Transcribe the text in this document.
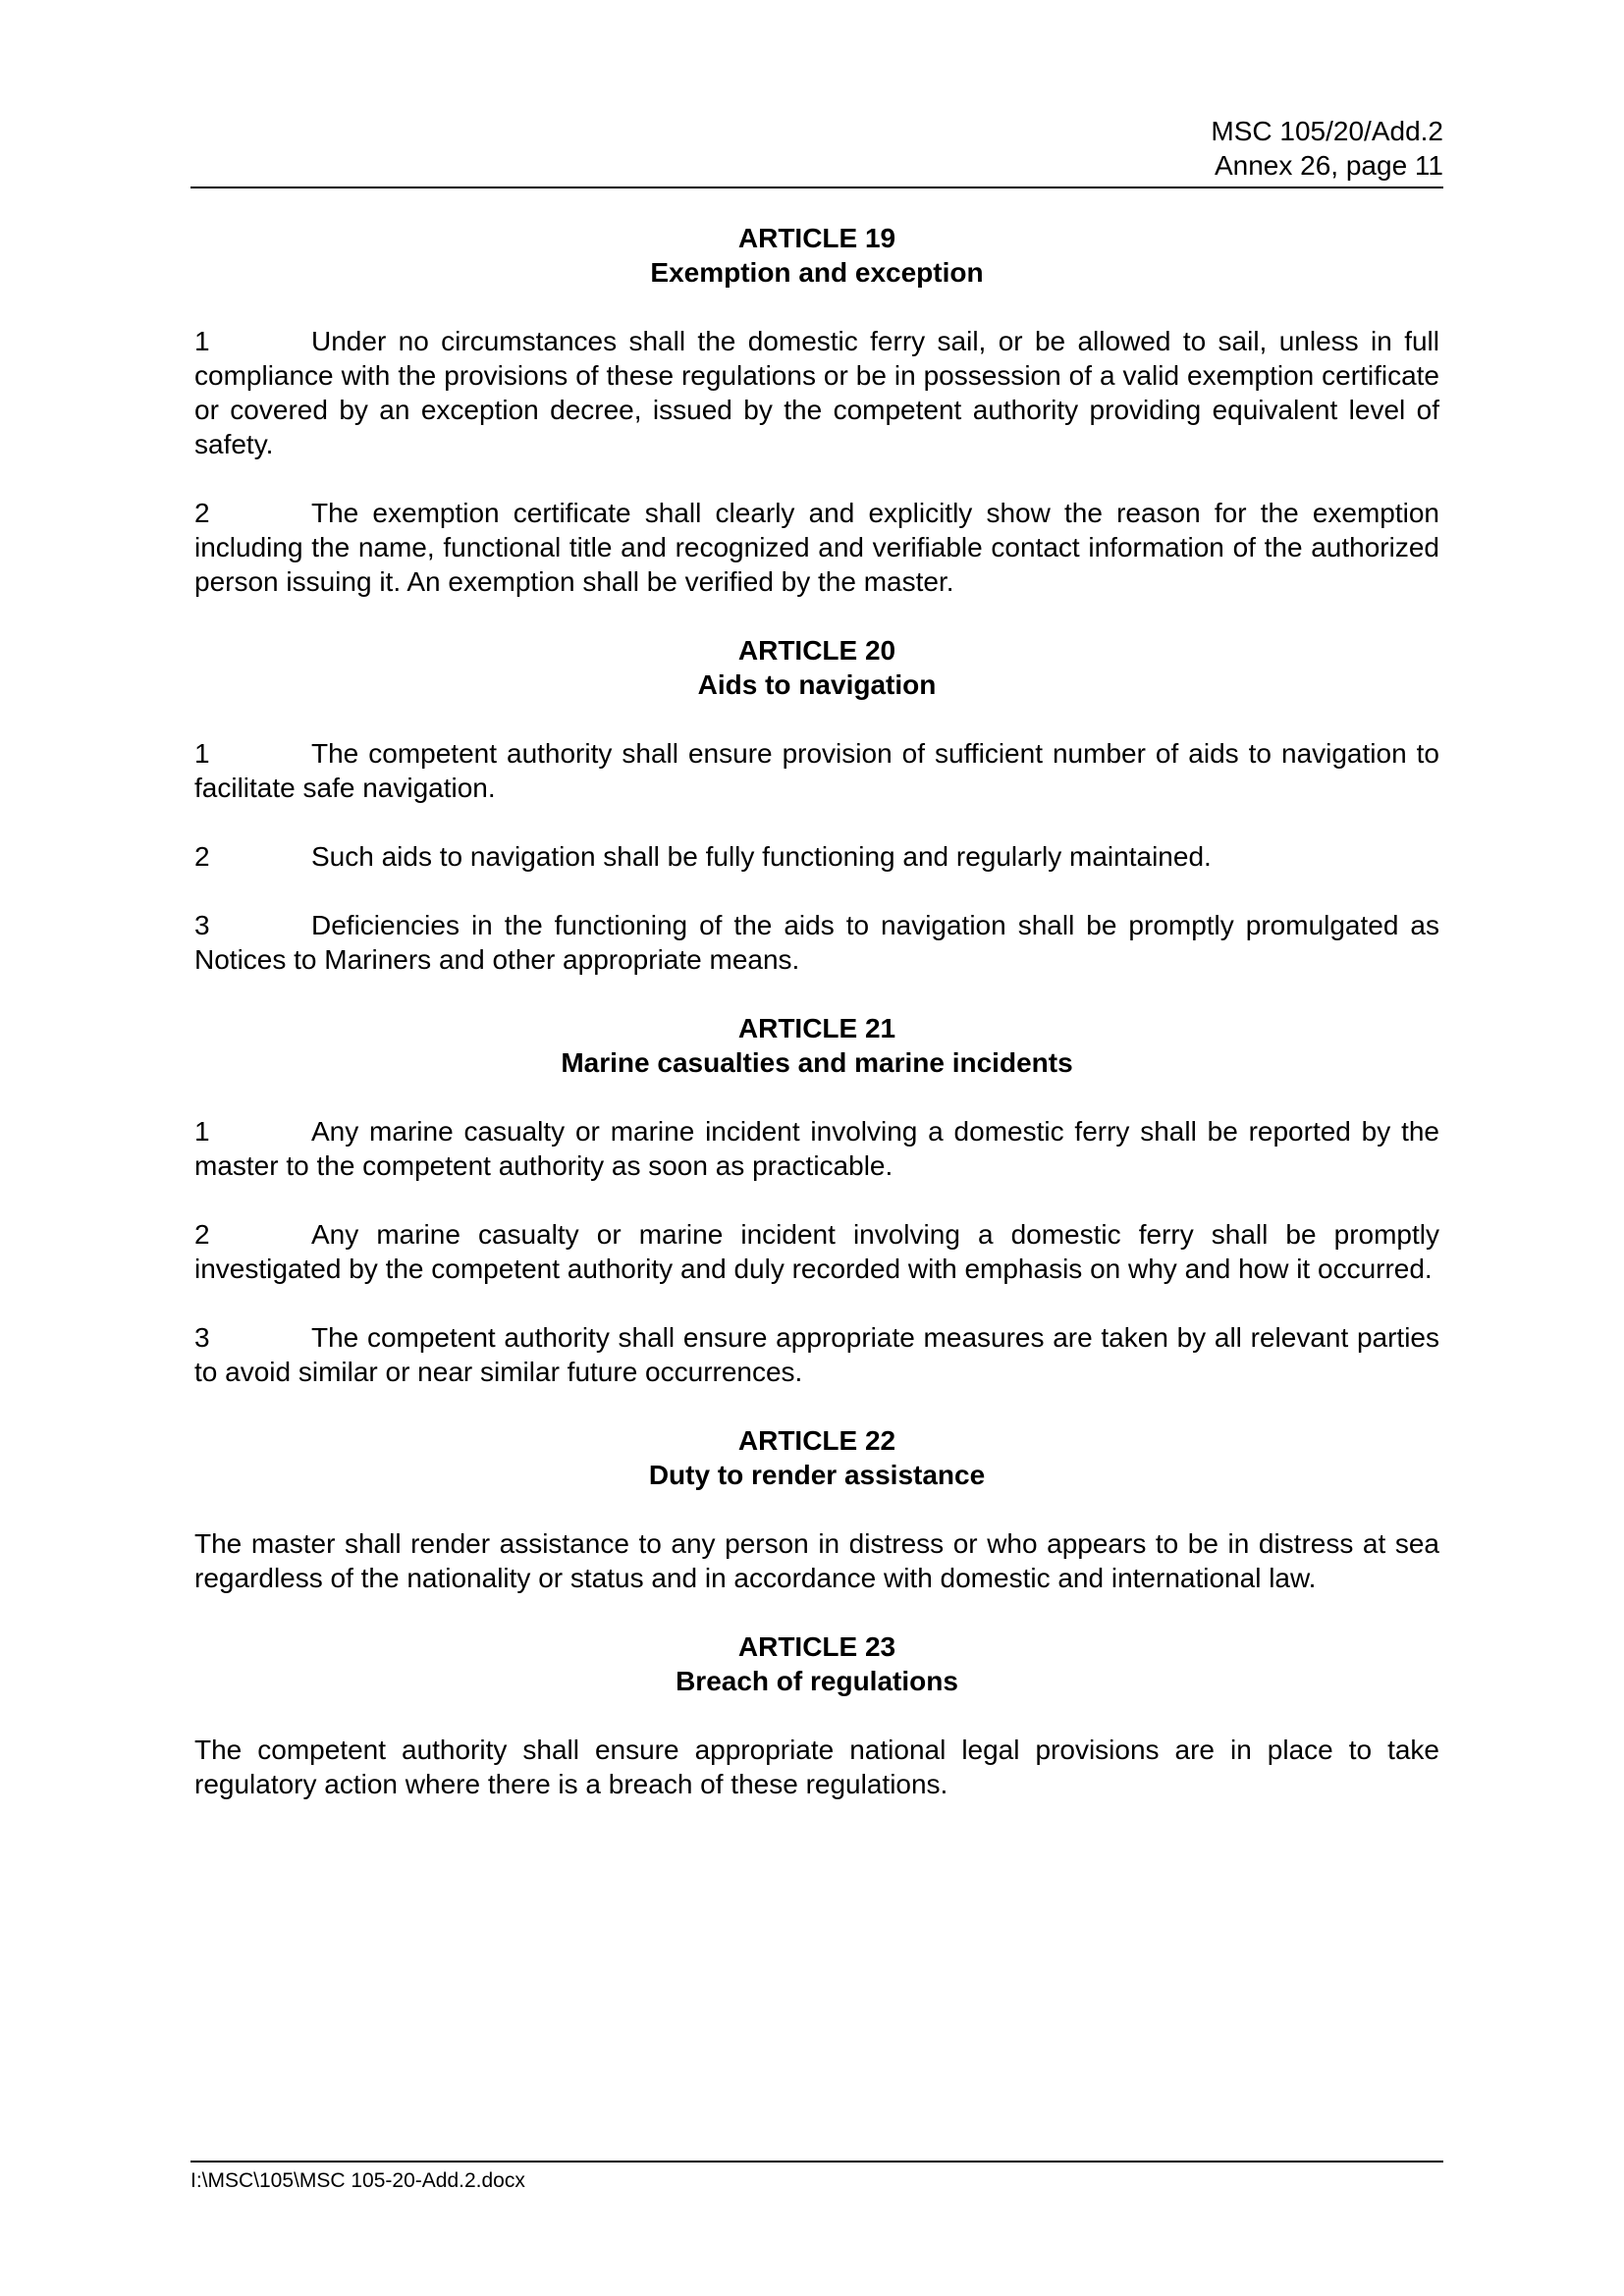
MSC 105/20/Add.2
Annex 26, page 11
ARTICLE 19
Exemption and exception
1	Under no circumstances shall the domestic ferry sail, or be allowed to sail, unless in full compliance with the provisions of these regulations or be in possession of a valid exemption certificate or covered by an exception decree, issued by the competent authority providing equivalent level of safety.
2	The exemption certificate shall clearly and explicitly show the reason for the exemption including the name, functional title and recognized and verifiable contact information of the authorized person issuing it. An exemption shall be verified by the master.
ARTICLE 20
Aids to navigation
1	The competent authority shall ensure provision of sufficient number of aids to navigation to facilitate safe navigation.
2	Such aids to navigation shall be fully functioning and regularly maintained.
3	Deficiencies in the functioning of the aids to navigation shall be promptly promulgated as Notices to Mariners and other appropriate means.
ARTICLE 21
Marine casualties and marine incidents
1	Any marine casualty or marine incident involving a domestic ferry shall be reported by the master to the competent authority as soon as practicable.
2	Any marine casualty or marine incident involving a domestic ferry shall be promptly investigated by the competent authority and duly recorded with emphasis on why and how it occurred.
3	The competent authority shall ensure appropriate measures are taken by all relevant parties to avoid similar or near similar future occurrences.
ARTICLE 22
Duty to render assistance
The master shall render assistance to any person in distress or who appears to be in distress at sea regardless of the nationality or status and in accordance with domestic and international law.
ARTICLE 23
Breach of regulations
The competent authority shall ensure appropriate national legal provisions are in place to take regulatory action where there is a breach of these regulations.
I:\MSC\105\MSC 105-20-Add.2.docx
